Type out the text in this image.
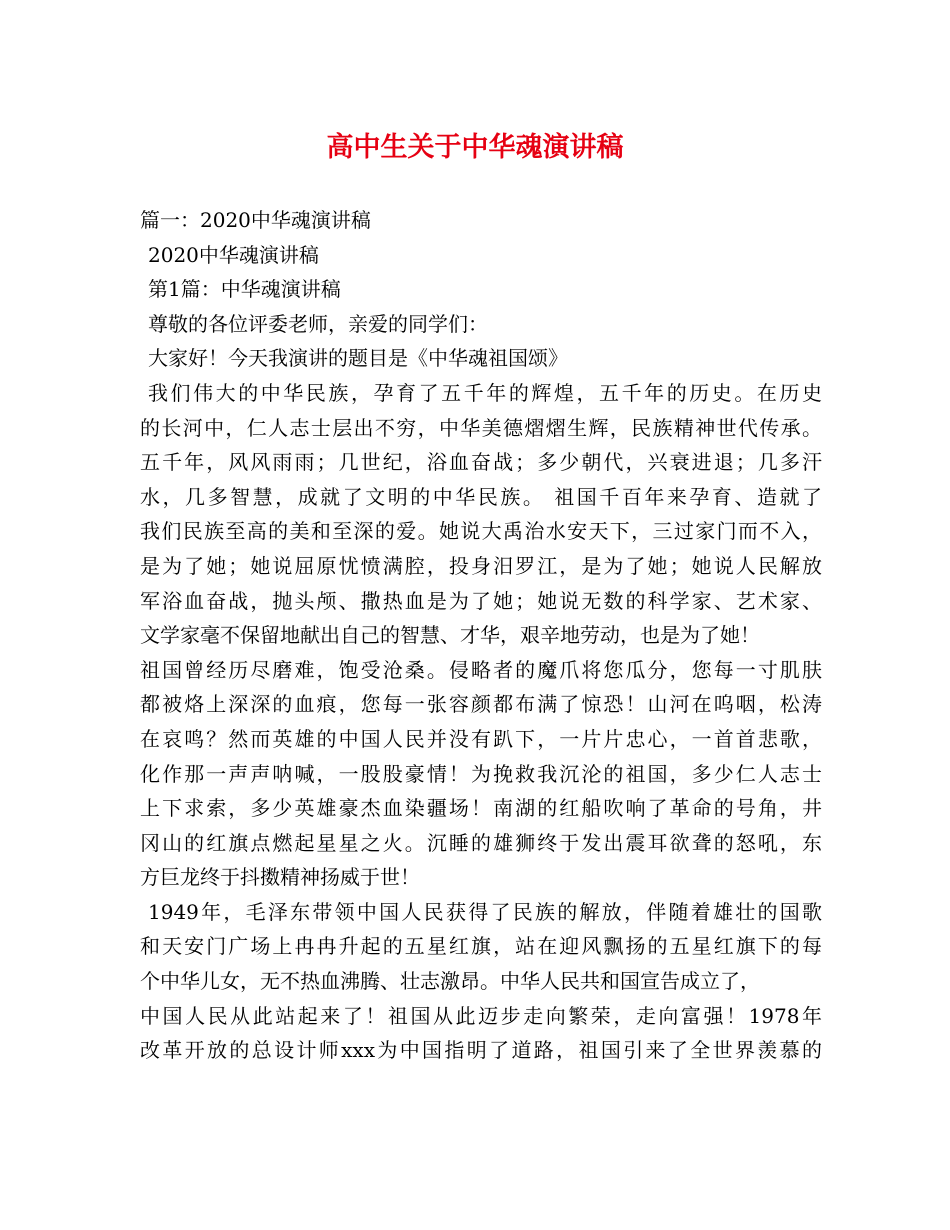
高中生关于中华魂演讲稿
篇一：2020中华魂演讲稿
2020中华魂演讲稿
第1篇：中华魂演讲稿
尊敬的各位评委老师，亲爱的同学们：
大家好！今天我演讲的题目是《中华魂祖国颂》
我们伟大的中华民族，孕育了五千年的辉煌，五千年的历史。在历史
的长河中，仁人志士层出不穷，中华美德熠熠生辉，民族精神世代传承。
五千年，风风雨雨；几世纪，浴血奋战；多少朝代，兴衰进退；几多汗
水，几多智慧，成就了文明的中华民族。 祖国千百年来孕育、造就了
我们民族至高的美和至深的爱。她说大禹治水安天下，三过家门而不入，
是为了她；她说屈原忧愤满腔，投身汨罗江，是为了她；她说人民解放
军浴血奋战，抛头颅、撒热血是为了她；她说无数的科学家、艺术家、
文学家毫不保留地献出自己的智慧、才华，艰辛地劳动，也是为了她！
祖国曾经历尽磨难，饱受沧桑。侵略者的魔爪将您瓜分，您每一寸肌肤
都被烙上深深的血痕，您每一张容颜都布满了惊恐！山河在呜咽，松涛
在哀鸣？然而英雄的中国人民并没有趴下，一片片忠心，一首首悲歌，
化作那一声声呐喊，一股股豪情！为挽救我沉沦的祖国，多少仁人志士
上下求索，多少英雄豪杰血染疆场！南湖的红船吹响了革命的号角，井
冈山的红旗点燃起星星之火。沉睡的雄狮终于发出震耳欲聋的怒吼，东
方巨龙终于抖擞精神扬威于世！
1949年，毛泽东带领中国人民获得了民族的解放，伴随着雄壮的国歌
和天安门广场上冉冉升起的五星红旗，站在迎风飘扬的五星红旗下的每
个中华儿女，无不热血沸腾、壮志激昂。中华人民共和国宣告成立了，
中国人民从此站起来了！祖国从此迈步走向繁荣，走向富强！1978年
改革开放的总设计师xxx为中国指明了道路，祖国引来了全世界羡慕的
